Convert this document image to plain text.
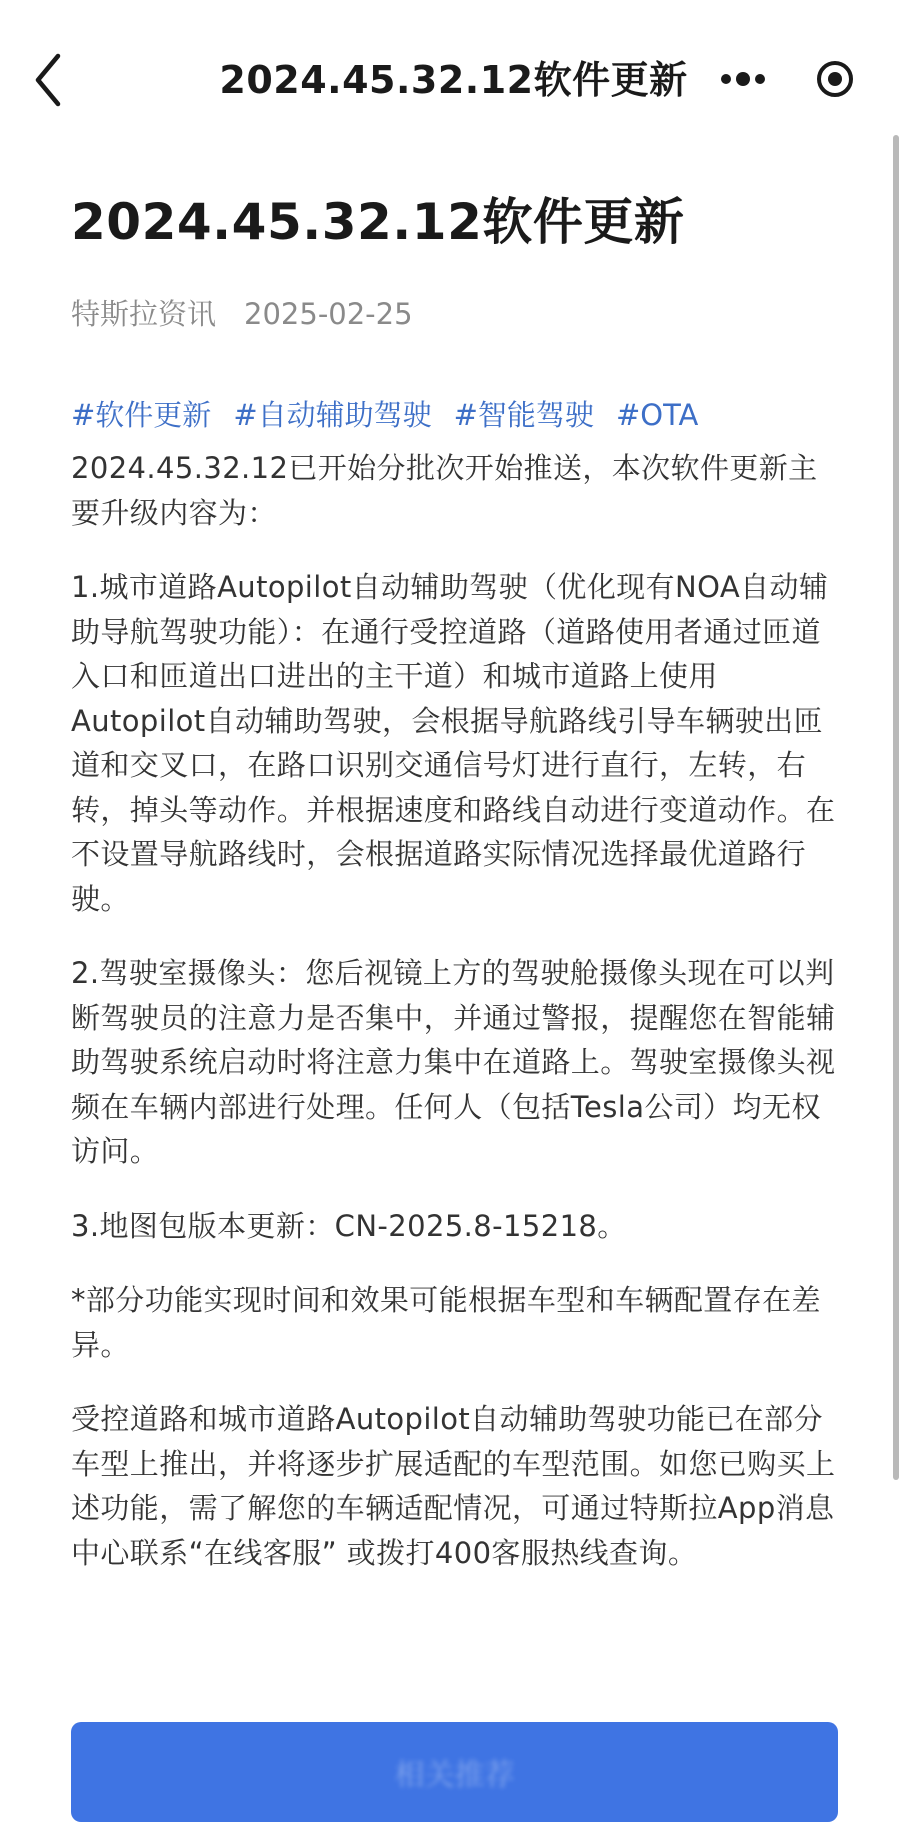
2024.45.32.12软件更新
2024.45.32.12软件更新
特斯拉资讯 2025-02-25
#软件更新 #自动辅助驾驶 #智能驾驶 #OTA

2024.45.32.12已开始分批次开始推送，本次软件更新主要升级内容为：

1.城市道路Autopilot自动辅助驾驶（优化现有NOA自动辅助导航驾驶功能）：在通行受控道路（道路使用者通过匝道入口和匝道出口进出的主干道）和城市道路上使用Autopilot自动辅助驾驶，会根据导航路线引导车辆驶出匝道和交叉口，在路口识别交通信号灯进行直行，左转，右转，掉头等动作。并根据速度和路线自动进行变道动作。在不设置导航路线时，会根据道路实际情况选择最优道路行驶。

2.驾驶室摄像头：您后视镜上方的驾驶舱摄像头现在可以判断驾驶员的注意力是否集中，并通过警报，提醒您在智能辅助驾驶系统启动时将注意力集中在道路上。驾驶室摄像头视频在车辆内部进行处理。任何人（包括Tesla公司）均无权访问。

3.地图包版本更新：CN-2025.8-15218。

*部分功能实现时间和效果可能根据车型和车辆配置存在差异。

受控道路和城市道路Autopilot自动辅助驾驶功能已在部分车型上推出，并将逐步扩展适配的车型范围。如您已购买上述功能，需了解您的车辆适配情况，可通过特斯拉App消息中心联系“在线客服” 或拨打400客服热线查询。

相关推荐
